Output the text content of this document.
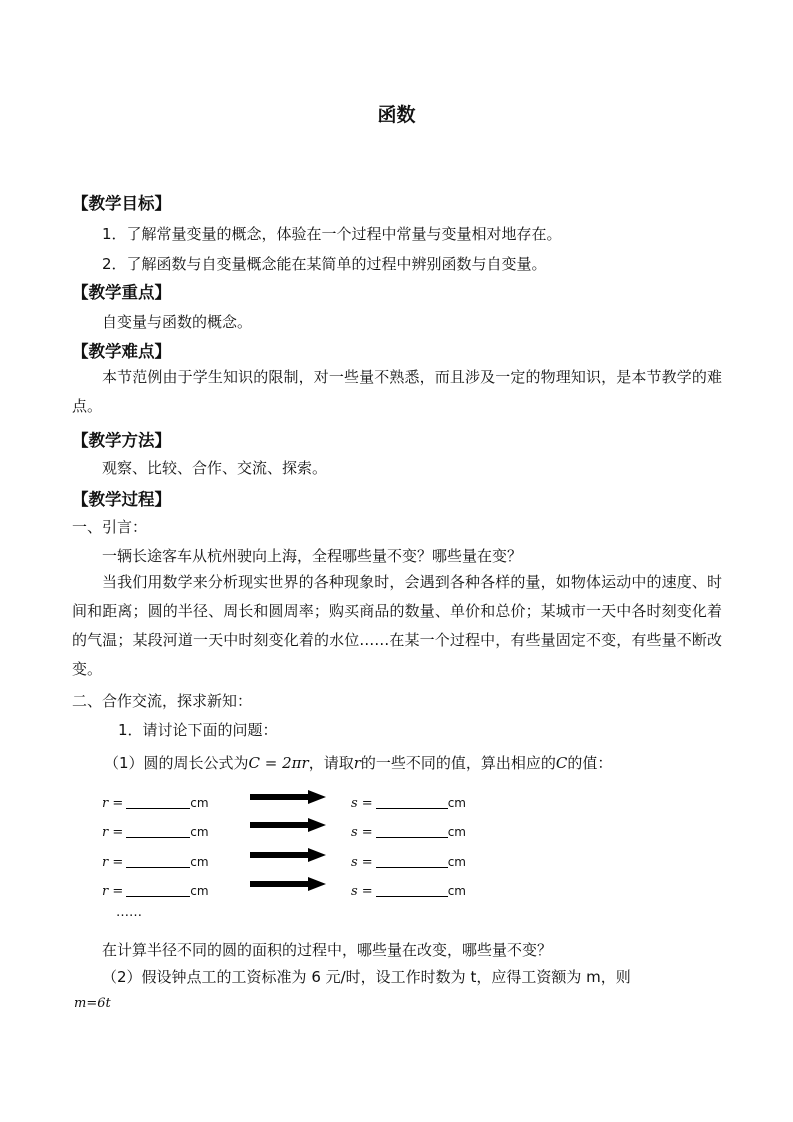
函数
【教学目标】
1．了解常量变量的概念，体验在一个过程中常量与变量相对地存在。
2．了解函数与自变量概念能在某简单的过程中辨别函数与自变量。
【教学重点】
自变量与函数的概念。
【教学难点】
本节范例由于学生知识的限制，对一些量不熟悉，而且涉及一定的物理知识，是本节教学的难点。
【教学方法】
观察、比较、合作、交流、探索。
【教学过程】
一、引言：
一辆长途客车从杭州驶向上海，全程哪些量不变？哪些量在变？
当我们用数学来分析现实世界的各种现象时，会遇到各种各样的量，如物体运动中的速度、时间和距离；圆的半径、周长和圆周率；购买商品的数量、单价和总价；某城市一天中各时刻变化着的气温；某段河道一天中时刻变化着的水位……在某一个过程中，有些量固定不变，有些量不断改变。
二、合作交流，探求新知：
1．请讨论下面的问题：
（1）圆的周长公式为C = 2πr，请取r的一些不同的值，算出相应的C的值：
r =	cm	s =	cm
r =	cm	s =	cm
r =	cm	s =	cm
r =	cm	s =	cm
……
在计算半径不同的圆的面积的过程中，哪些量在改变，哪些量不变？
（2）假设钟点工的工资标准为 6 元/时，设工作时数为 t，应得工资额为 m，则
m=6t
